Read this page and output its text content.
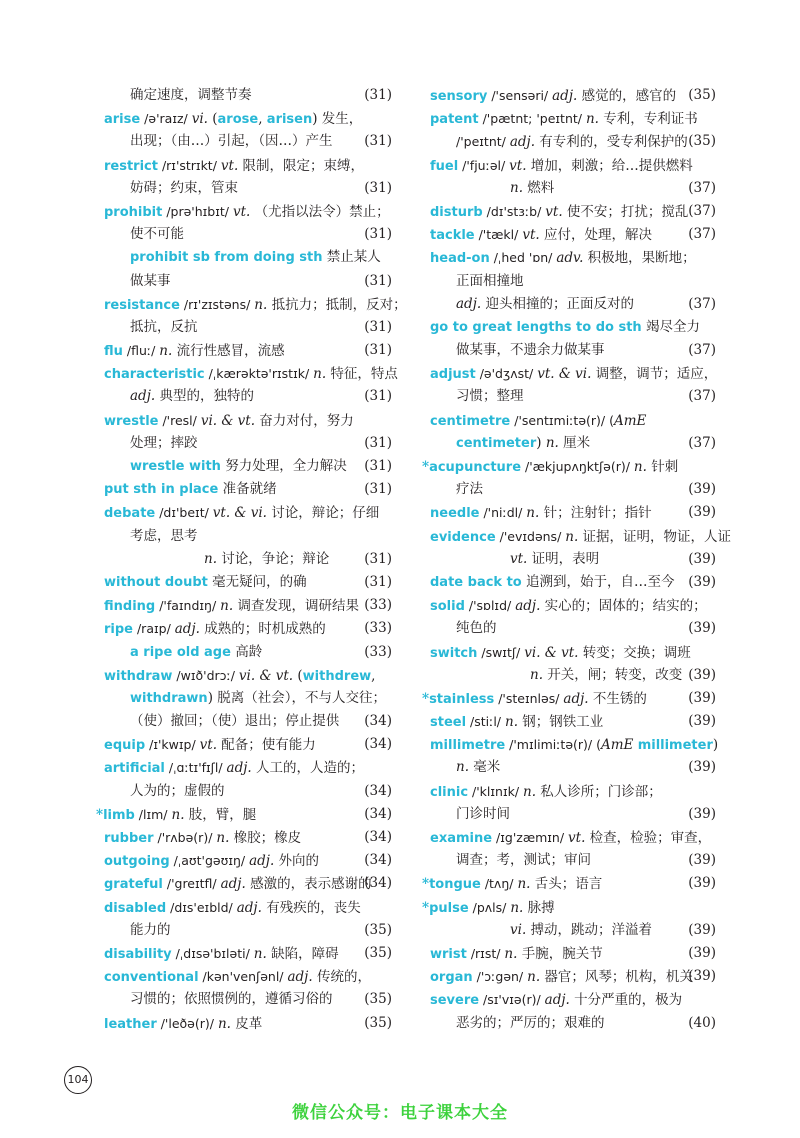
确定速度，调整节奏	(31)
arise /ə'raɪz/ vi. (arose, arisen) 发生，
出现；（由…）引起，（因…）产生 (31)
restrict /rɪ'strɪkt/ vt. 限制，限定；束缚，
妨碍；约束，管束	(31)
prohibit /prə'hɪbɪt/ vt. （尤指以法令）禁止；
使不可能	(31)
prohibit sb from doing sth 禁止某人
做某事	(31)
resistance /rɪ'zɪstəns/ n. 抵抗力；抵制，反对；
抵抗，反抗	(31)
flu /fluː/ n. 流行性感冒，流感	(31)
characteristic /ˌkærəktə'rɪstɪk/ n. 特征，特点
adj. 典型的，独特的	(31)
wrestle /'resl/ vi. & vt. 奋力对付，努力
处理；摔跤	(31)
wrestle with 努力处理，全力解决 (31)
put sth in place 准备就绪	(31)
debate /dɪ'beɪt/ vt. & vi. 讨论，辩论；仔细
考虑，思考
n. 讨论，争论；辩论	(31)
without doubt 毫无疑问，的确	(31)
finding /'faɪndɪŋ/ n. 调查发现，调研结果 (33)
ripe /raɪp/ adj. 成熟的；时机成熟的	(33)
a ripe old age 高龄	(33)
withdraw /wɪð'drɔː/ vi. & vt. (withdrew,
withdrawn) 脱离（社会），不与人交往；
（使）撤回；（使）退出；停止提供 (34)
equip /ɪ'kwɪp/ vt. 配备；使有能力	(34)
artificial /ˌɑːtɪ'fɪʃl/ adj. 人工的，人造的；
人为的；虚假的	(34)
*limb /lɪm/ n. 肢，臂，腿	(34)
rubber /'rʌbə(r)/ n. 橡胶；橡皮	(34)
outgoing /ˌaʊt'gəʊɪŋ/ adj. 外向的	(34)
grateful /'greɪtfl/ adj. 感激的，表示感谢的
(34)
disabled /dɪs'eɪbld/ adj. 有残疾的，丧失
能力的	(35)
disability /ˌdɪsə'bɪləti/ n. 缺陷，障碍 (35)
conventional /kən'venʃənl/ adj. 传统的，
习惯的；依照惯例的，遵循习俗的 (35)
leather /'leðə(r)/ n. 皮革	(35)
sensory /'sensəri/ adj. 感觉的，感官的 (35)
patent /'pætnt; 'peɪtnt/ n. 专利，专利证书
/'peɪtnt/ adj. 有专利的，受专利保护的 (35)
fuel /'fjuːəl/ vt. 增加，刺激；给…提供燃料
n. 燃料	(37)
disturb /dɪ'stɜːb/ vt. 使不安；打扰；搅乱 (37)
tackle /'tækl/ vt. 应付，处理，解决	(37)
head-on /ˌhed 'ɒn/ adv. 积极地，果断地；
正面相撞地
adj. 迎头相撞的；正面反对的	(37)
go to great lengths to do sth 竭尽全力
做某事，不遗余力做某事	(37)
adjust /ə'dʒʌst/ vt. & vi. 调整，调节；适应，
习惯；整理	(37)
centimetre /'sentɪmiːtə(r)/ (AmE
centimeter) n. 厘米	(37)
*acupuncture /'ækjupʌŋktʃə(r)/ n. 针刺
疗法	(39)
needle /'niːdl/ n. 针；注射针；指针	(39)
evidence /'evɪdəns/ n. 证据，证明，物证，人证
vt. 证明，表明	(39)
date back to 追溯到，始于，自…至今 (39)
solid /'sɒlɪd/ adj. 实心的；固体的；结实的；
纯色的	(39)
switch /swɪtʃ/ vi. & vt. 转变；交换；调班
n. 开关，闸；转变，改变 (39)
*stainless /'steɪnləs/ adj. 不生锈的	(39)
steel /stiːl/ n. 钢；钢铁工业	(39)
millimetre /'mɪlimiːtə(r)/ (AmE millimeter)
n. 毫米	(39)
clinic /'klɪnɪk/ n. 私人诊所；门诊部；
门诊时间	(39)
examine /ɪg'zæmɪn/ vt. 检查，检验；审查，
调查；考，测试；审问	(39)
*tongue /tʌŋ/ n. 舌头；语言	(39)
*pulse /pʌls/ n. 脉搏
vi. 搏动，跳动；洋溢着	(39)
wrist /rɪst/ n. 手腕，腕关节	(39)
organ /'ɔːgən/ n. 器官；风琴；机构，机关
(39)
severe /sɪ'vɪə(r)/ adj. 十分严重的，极为
恶劣的；严厉的；艰难的	(40)
104
微信公众号：电子课本大全
